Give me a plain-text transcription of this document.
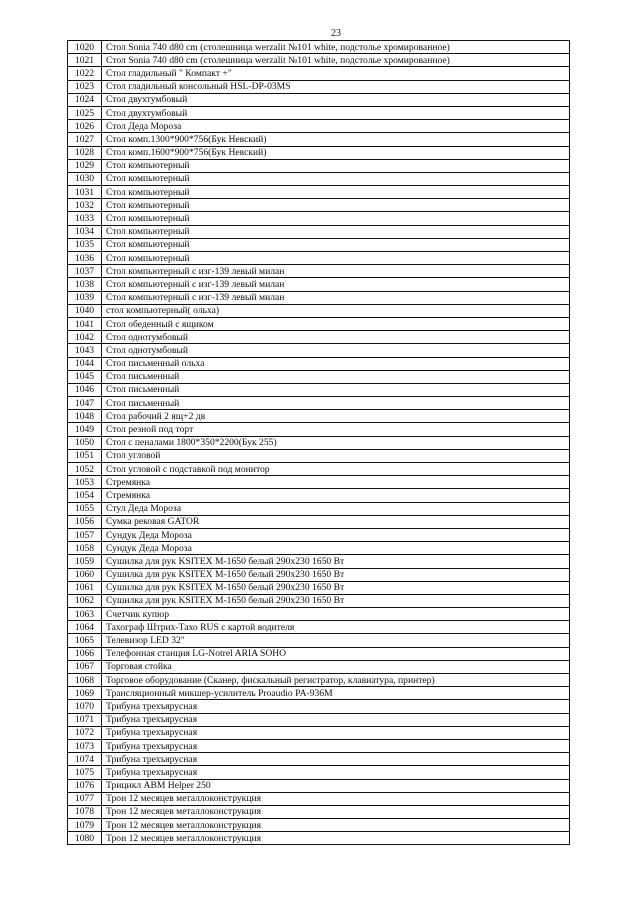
23
1020	Стол Sonia 740 d80 cm (столешница werzalit №101 white, подстолье хромированное)
1021	Стол Sonia 740 d80 cm (столешница werzalit №101 white, подстолье хромированное)
1022	Стол гладильный " Компакт +"
1023	Стол гладильный консольный HSL-DP-03MS
1024	Стол двухтумбовый
1025	Стол двухтумбовый
1026	Стол Деда Мороза
1027	Стол комп.1300*900*756(Бук Невский)
1028	Стол комп.1600*900*756(Бук Невский)
1029	Стол компьютерный
1030	Стол компьютерный
1031	Стол компьютерный
1032	Стол компьютерный
1033	Стол компьютерный
1034	Стол компьютерный
1035	Стол компьютерный
1036	Стол компьютерный
1037	Стол компьютерный с изг-139 левый милан
1038	Стол компьютерный с изг-139 левый милан
1039	Стол компьютерный с изг-139 левый милан
1040	стол компьютерный( ольха)
1041	Стол обеденный с ящиком
1042	Стол однотумбовый
1043	Стол однотумбовый
1044	Стол письменный ольха
1045	Стол письменный
1046	Стол письменный
1047	Стол письменный
1048	Стол рабочий 2 ящ+2 дв
1049	Стол резной под торт
1050	Стол с пеналами 1800*350*2200(Бук 255)
1051	Стол угловой
1052	Стол угловой с подставкой под монитор
1053	Стремянка
1054	Стремянка
1055	Стул Деда Мороза
1056	Сумка рековая GATOR
1057	Сундук Деда Мороза
1058	Сундук Деда Мороза
1059	Сушилка для рук KSITEX M-1650 белый 290x230 1650 Вт
1060	Сушилка для рук KSITEX M-1650 белый 290x230 1650 Вт
1061	Сушилка для рук KSITEX M-1650 белый 290x230 1650 Вт
1062	Сушилка для рук KSITEX M-1650 белый 290x230 1650 Вт
1063	Счетчик купюр
1064	Тахограф Штрих-Тахо RUS с картой водителя
1065	Телевизор LED 32"
1066	Телефонная станция LG-Notrel ARIA SOHO
1067	Торговая стойка
1068	Торговое оборудование (Сканер, фискальный регистратор, клавиатура, принтер)
1069	Трансляционный микшер-усилитель Proaudio PA-936M
1070	Трибуна трехъярусная
1071	Трибуна трехъярусная
1072	Трибуна трехъярусная
1073	Трибуна трехъярусная
1074	Трибуна трехъярусная
1075	Трибуна трехъярусная
1076	Трицикл ABM Helper 250
1077	Трон 12 месяцев металлоконструкция
1078	Трон 12 месяцев металлоконструкция
1079	Трон 12 месяцев металлоконструкция
1080	Трон 12 месяцев металлоконструкция
